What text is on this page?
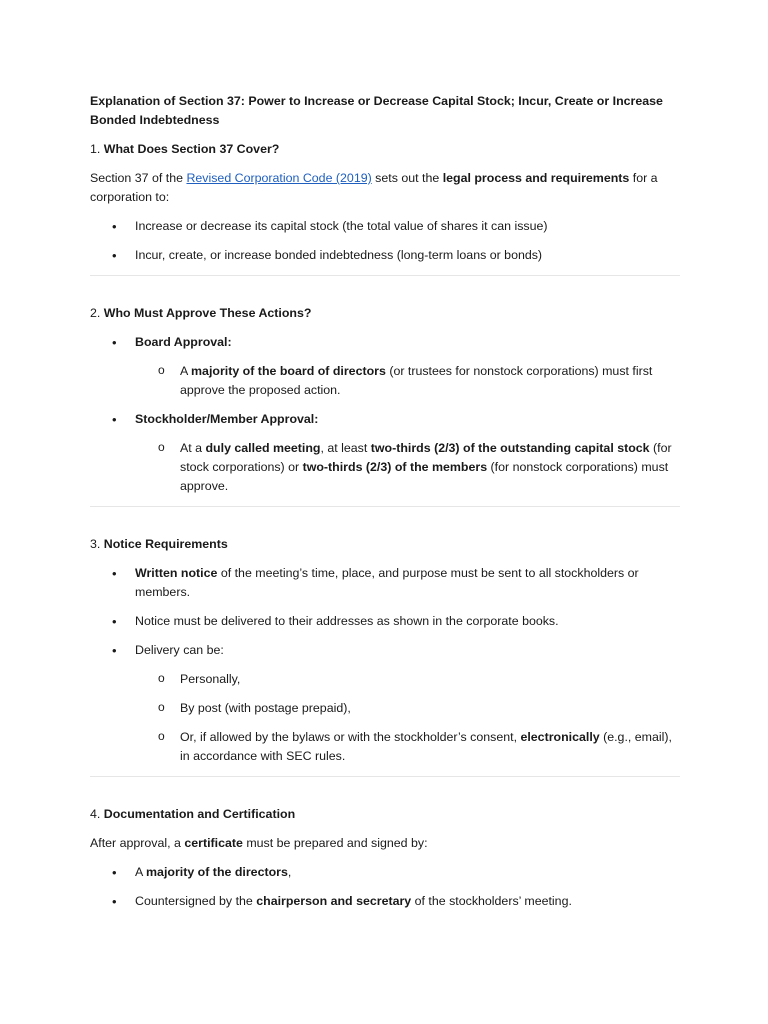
Explanation of Section 37: Power to Increase or Decrease Capital Stock; Incur, Create or Increase Bonded Indebtedness

1. What Does Section 37 Cover?

Section 37 of the Revised Corporation Code (2019) sets out the legal process and requirements for a corporation to:

• Increase or decrease its capital stock (the total value of shares it can issue)
• Incur, create, or increase bonded indebtedness (long-term loans or bonds)

2. Who Must Approve These Actions?

• Board Approval:
o A majority of the board of directors (or trustees for nonstock corporations) must first approve the proposed action.
• Stockholder/Member Approval:
o At a duly called meeting, at least two-thirds (2/3) of the outstanding capital stock (for stock corporations) or two-thirds (2/3) of the members (for nonstock corporations) must approve.

3. Notice Requirements

• Written notice of the meeting’s time, place, and purpose must be sent to all stockholders or members.
• Notice must be delivered to their addresses as shown in the corporate books.
• Delivery can be:
o Personally,
o By post (with postage prepaid),
o Or, if allowed by the bylaws or with the stockholder’s consent, electronically (e.g., email), in accordance with SEC rules.

4. Documentation and Certification

After approval, a certificate must be prepared and signed by:

• A majority of the directors,
• Countersigned by the chairperson and secretary of the stockholders’ meeting.
